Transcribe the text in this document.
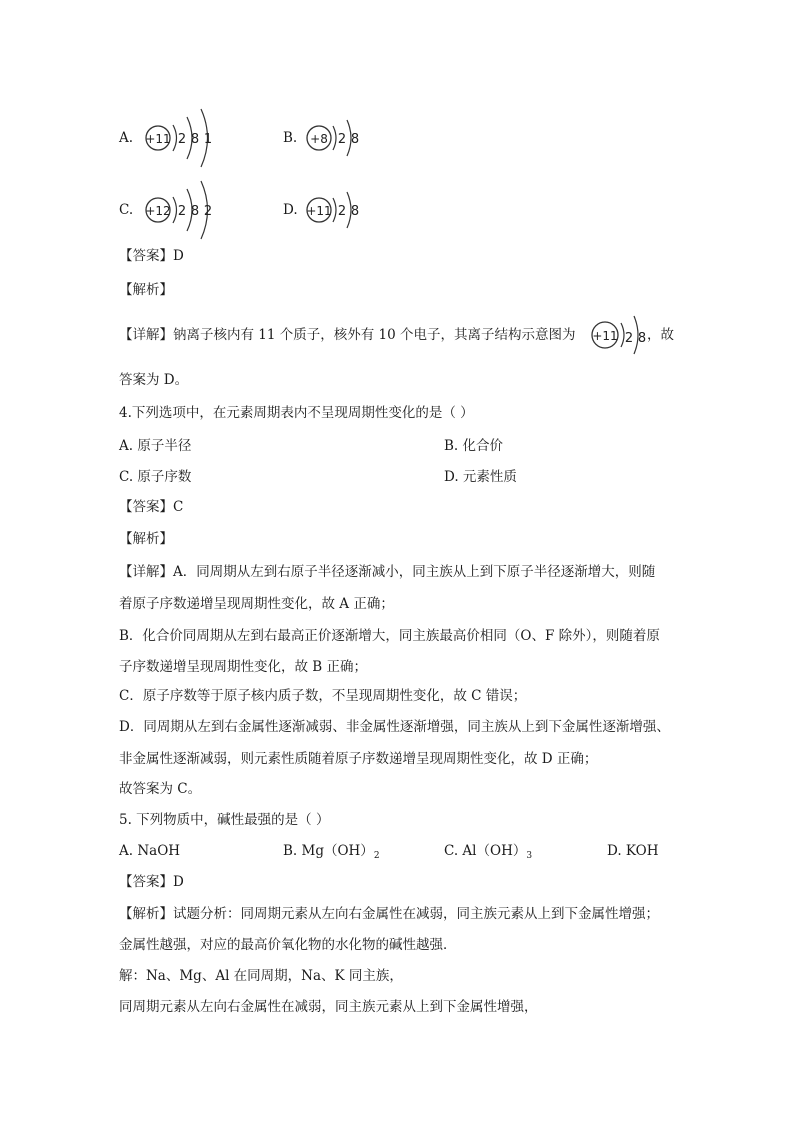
A. +11 2 8 1	B. +8 2 8
C. +12 2 8 2	D. +11 2 8
【答案】D
【解析】
【详解】钠离子核内有 11 个质子，核外有 10 个电子，其离子结构示意图为 +11 2 8 ，故
答案为 D。
4.下列选项中，在元素周期表内不呈现周期性变化的是（ ）
A. 原子半径	B. 化合价
C. 原子序数	D. 元素性质
【答案】C
【解析】
【详解】A．同周期从左到右原子半径逐渐减小，同主族从上到下原子半径逐渐增大，则随
着原子序数递增呈现周期性变化，故 A 正确；
B．化合价同周期从左到右最高正价逐渐增大，同主族最高价相同（O、F 除外），则随着原
子序数递增呈现周期性变化，故 B 正确；
C．原子序数等于原子核内质子数，不呈现周期性变化，故 C 错误；
D．同周期从左到右金属性逐渐减弱、非金属性逐渐增强，同主族从上到下金属性逐渐增强、
非金属性逐渐减弱，则元素性质随着原子序数递增呈现周期性变化，故 D 正确；
故答案为 C。
5. 下列物质中，碱性最强的是（ ）
A. NaOH	B. $Mg(OH)_2$	C. $Al(OH)_3$	D. KOH
【答案】D
【解析】试题分析：同周期元素从左向右金属性在减弱，同主族元素从上到下金属性增强；
金属性越强，对应的最高价氧化物的水化物的碱性越强．
解：Na、Mg、Al 在同周期，Na、K 同主族，
同周期元素从左向右金属性在减弱，同主族元素从上到下金属性增强，
